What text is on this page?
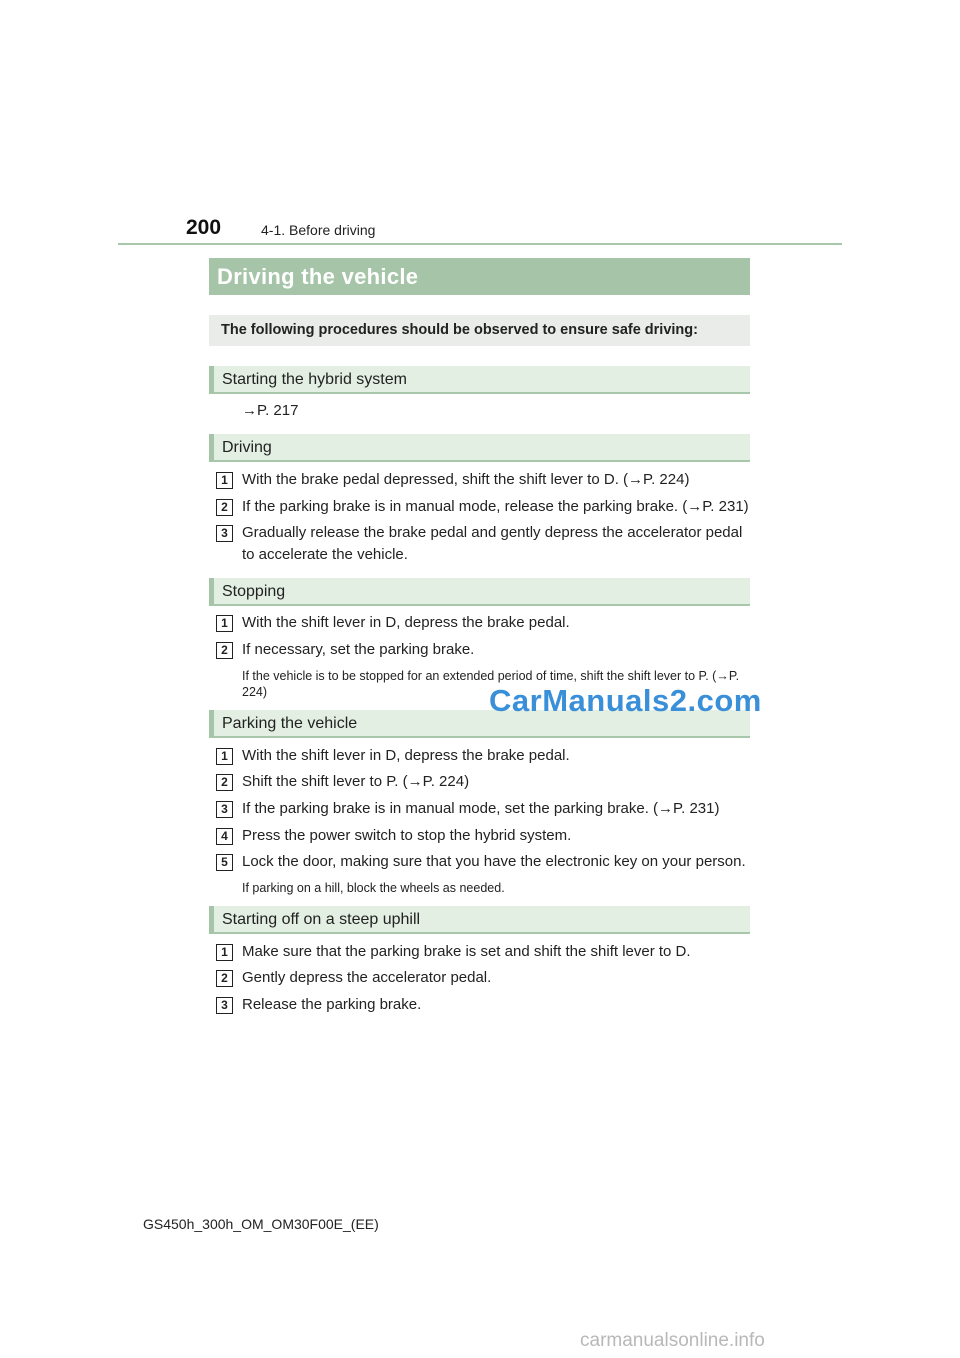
200	4-1. Before driving
Driving the vehicle
The following procedures should be observed to ensure safe driving:
Starting the hybrid system
→P. 217
Driving
1 With the brake pedal depressed, shift the shift lever to D. (→P. 224)
2 If the parking brake is in manual mode, release the parking brake. (→P. 231)
3 Gradually release the brake pedal and gently depress the accelerator pedal to accelerate the vehicle.
Stopping
1 With the shift lever in D, depress the brake pedal.
2 If necessary, set the parking brake.
If the vehicle is to be stopped for an extended period of time, shift the shift lever to P. (→P. 224)
Parking the vehicle
1 With the shift lever in D, depress the brake pedal.
2 Shift the shift lever to P. (→P. 224)
3 If the parking brake is in manual mode, set the parking brake. (→P. 231)
4 Press the power switch to stop the hybrid system.
5 Lock the door, making sure that you have the electronic key on your person.
If parking on a hill, block the wheels as needed.
Starting off on a steep uphill
1 Make sure that the parking brake is set and shift the shift lever to D.
2 Gently depress the accelerator pedal.
3 Release the parking brake.
CarManuals2.com
GS450h_300h_OM_OM30F00E_(EE)
carmanualsonline.info
